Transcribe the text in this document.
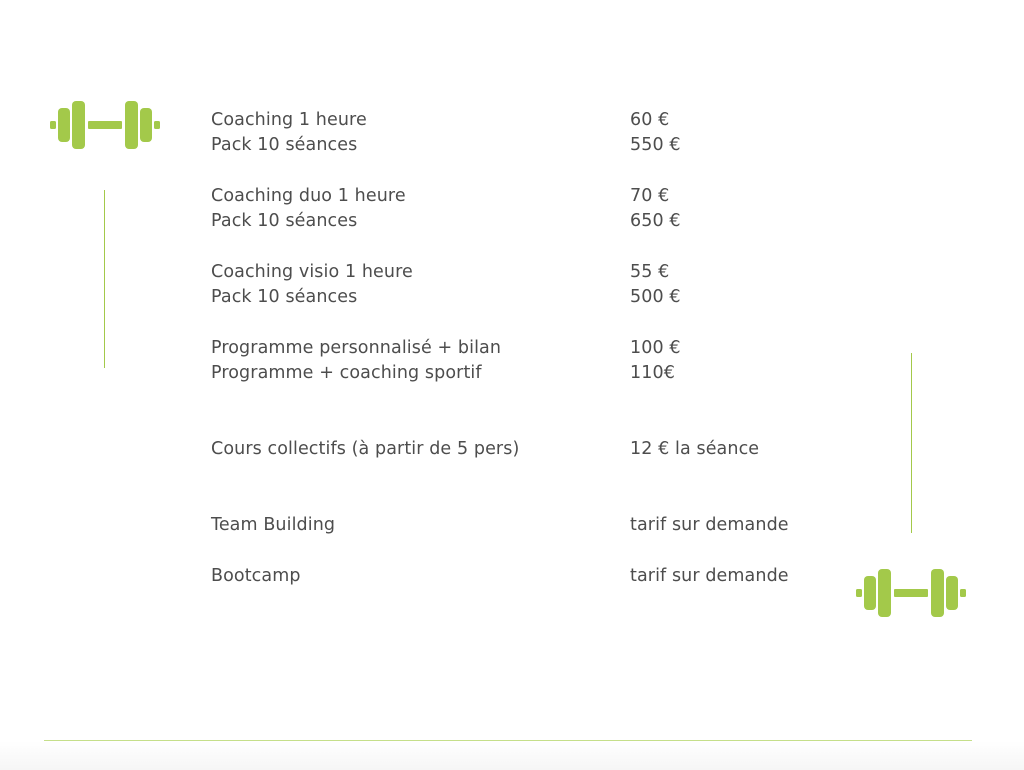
Coaching 1 heure	60 €
Pack 10 séances	550 €
Coaching duo 1 heure	70 €
Pack 10 séances	650 €
Coaching visio 1 heure	55 €
Pack 10 séances	500 €
Programme personnalisé + bilan	100 €
Programme + coaching sportif	110€
Cours collectifs (à partir de 5 pers)	12 € la séance
Team Building	tarif sur demande
Bootcamp	tarif sur demande
